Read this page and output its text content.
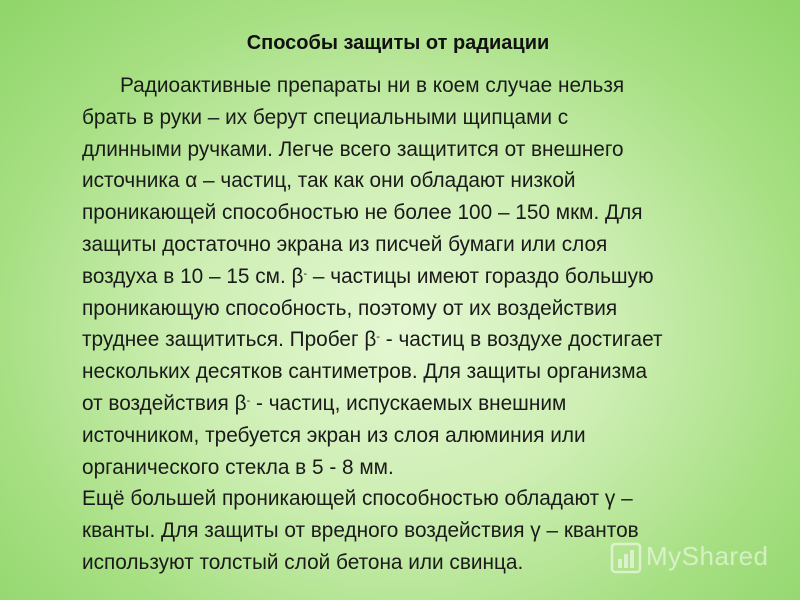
Способы защиты от радиации
Радиоактивные препараты ни в коем случае нельзя
брать в руки – их берут специальными щипцами с
длинными ручками. Легче всего защитится от внешнего
источника α – частиц, так как они обладают низкой
проникающей способностью не более 100 – 150 мкм. Для
защиты достаточно экрана из писчей бумаги или слоя
воздуха в 10 – 15 см. β- – частицы имеют гораздо большую
проникающую способность, поэтому от их воздействия
труднее защититься. Пробег β- - частиц в воздухе достигает
нескольких десятков сантиметров. Для защиты организма
от воздействия β- - частиц, испускаемых внешним
источником, требуется экран из слоя алюминия или
органического стекла в 5 - 8 мм.
Ещё большей проникающей способностью обладают γ –
кванты. Для защиты от вредного воздействия γ – квантов
используют толстый слой бетона или свинца.	MyShared
